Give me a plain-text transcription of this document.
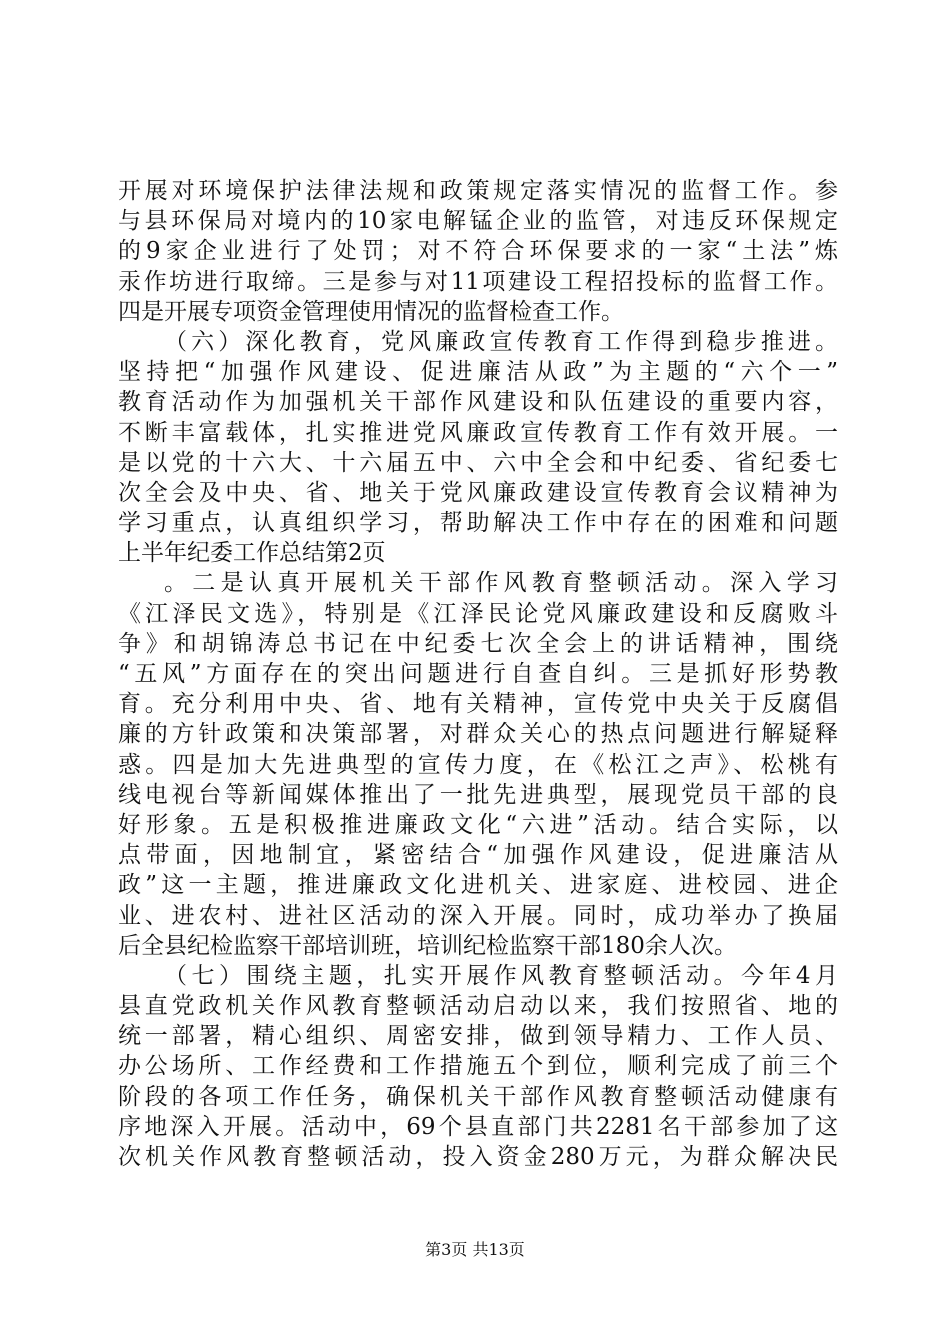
开展对环境保护法律法规和政策规定落实情况的监督工作。参
与县环保局对境内的10家电解锰企业的监管，对违反环保规定
的9家企业进行了处罚；对不符合环保要求的一家“土法”炼
汞作坊进行取缔。三是参与对11项建设工程招投标的监督工作。
四是开展专项资金管理使用情况的监督检查工作。
（六）深化教育，党风廉政宣传教育工作得到稳步推进。
坚持把“加强作风建设、促进廉洁从政”为主题的“六个一”
教育活动作为加强机关干部作风建设和队伍建设的重要内容，
不断丰富载体，扎实推进党风廉政宣传教育工作有效开展。一
是以党的十六大、十六届五中、六中全会和中纪委、省纪委七
次全会及中央、省、地关于党风廉政建设宣传教育会议精神为
学习重点，认真组织学习，帮助解决工作中存在的困难和问题
上半年纪委工作总结第2页
。二是认真开展机关干部作风教育整顿活动。深入学习
《江泽民文选》，特别是《江泽民论党风廉政建设和反腐败斗
争》和胡锦涛总书记在中纪委七次全会上的讲话精神，围绕
“五风”方面存在的突出问题进行自查自纠。三是抓好形势教
育。充分利用中央、省、地有关精神，宣传党中央关于反腐倡
廉的方针政策和决策部署，对群众关心的热点问题进行解疑释
惑。四是加大先进典型的宣传力度，在《松江之声》、松桃有
线电视台等新闻媒体推出了一批先进典型，展现党员干部的良
好形象。五是积极推进廉政文化“六进”活动。结合实际，以
点带面，因地制宜，紧密结合“加强作风建设，促进廉洁从
政”这一主题，推进廉政文化进机关、进家庭、进校园、进企
业、进农村、进社区活动的深入开展。同时，成功举办了换届
后全县纪检监察干部培训班，培训纪检监察干部180余人次。
（七）围绕主题，扎实开展作风教育整顿活动。今年4月
县直党政机关作风教育整顿活动启动以来，我们按照省、地的
统一部署，精心组织、周密安排，做到领导精力、工作人员、
办公场所、工作经费和工作措施五个到位，顺利完成了前三个
阶段的各项工作任务，确保机关干部作风教育整顿活动健康有
序地深入开展。活动中，69个县直部门共2281名干部参加了这
次机关作风教育整顿活动，投入资金280万元，为群众解决民
第3页 共13页
